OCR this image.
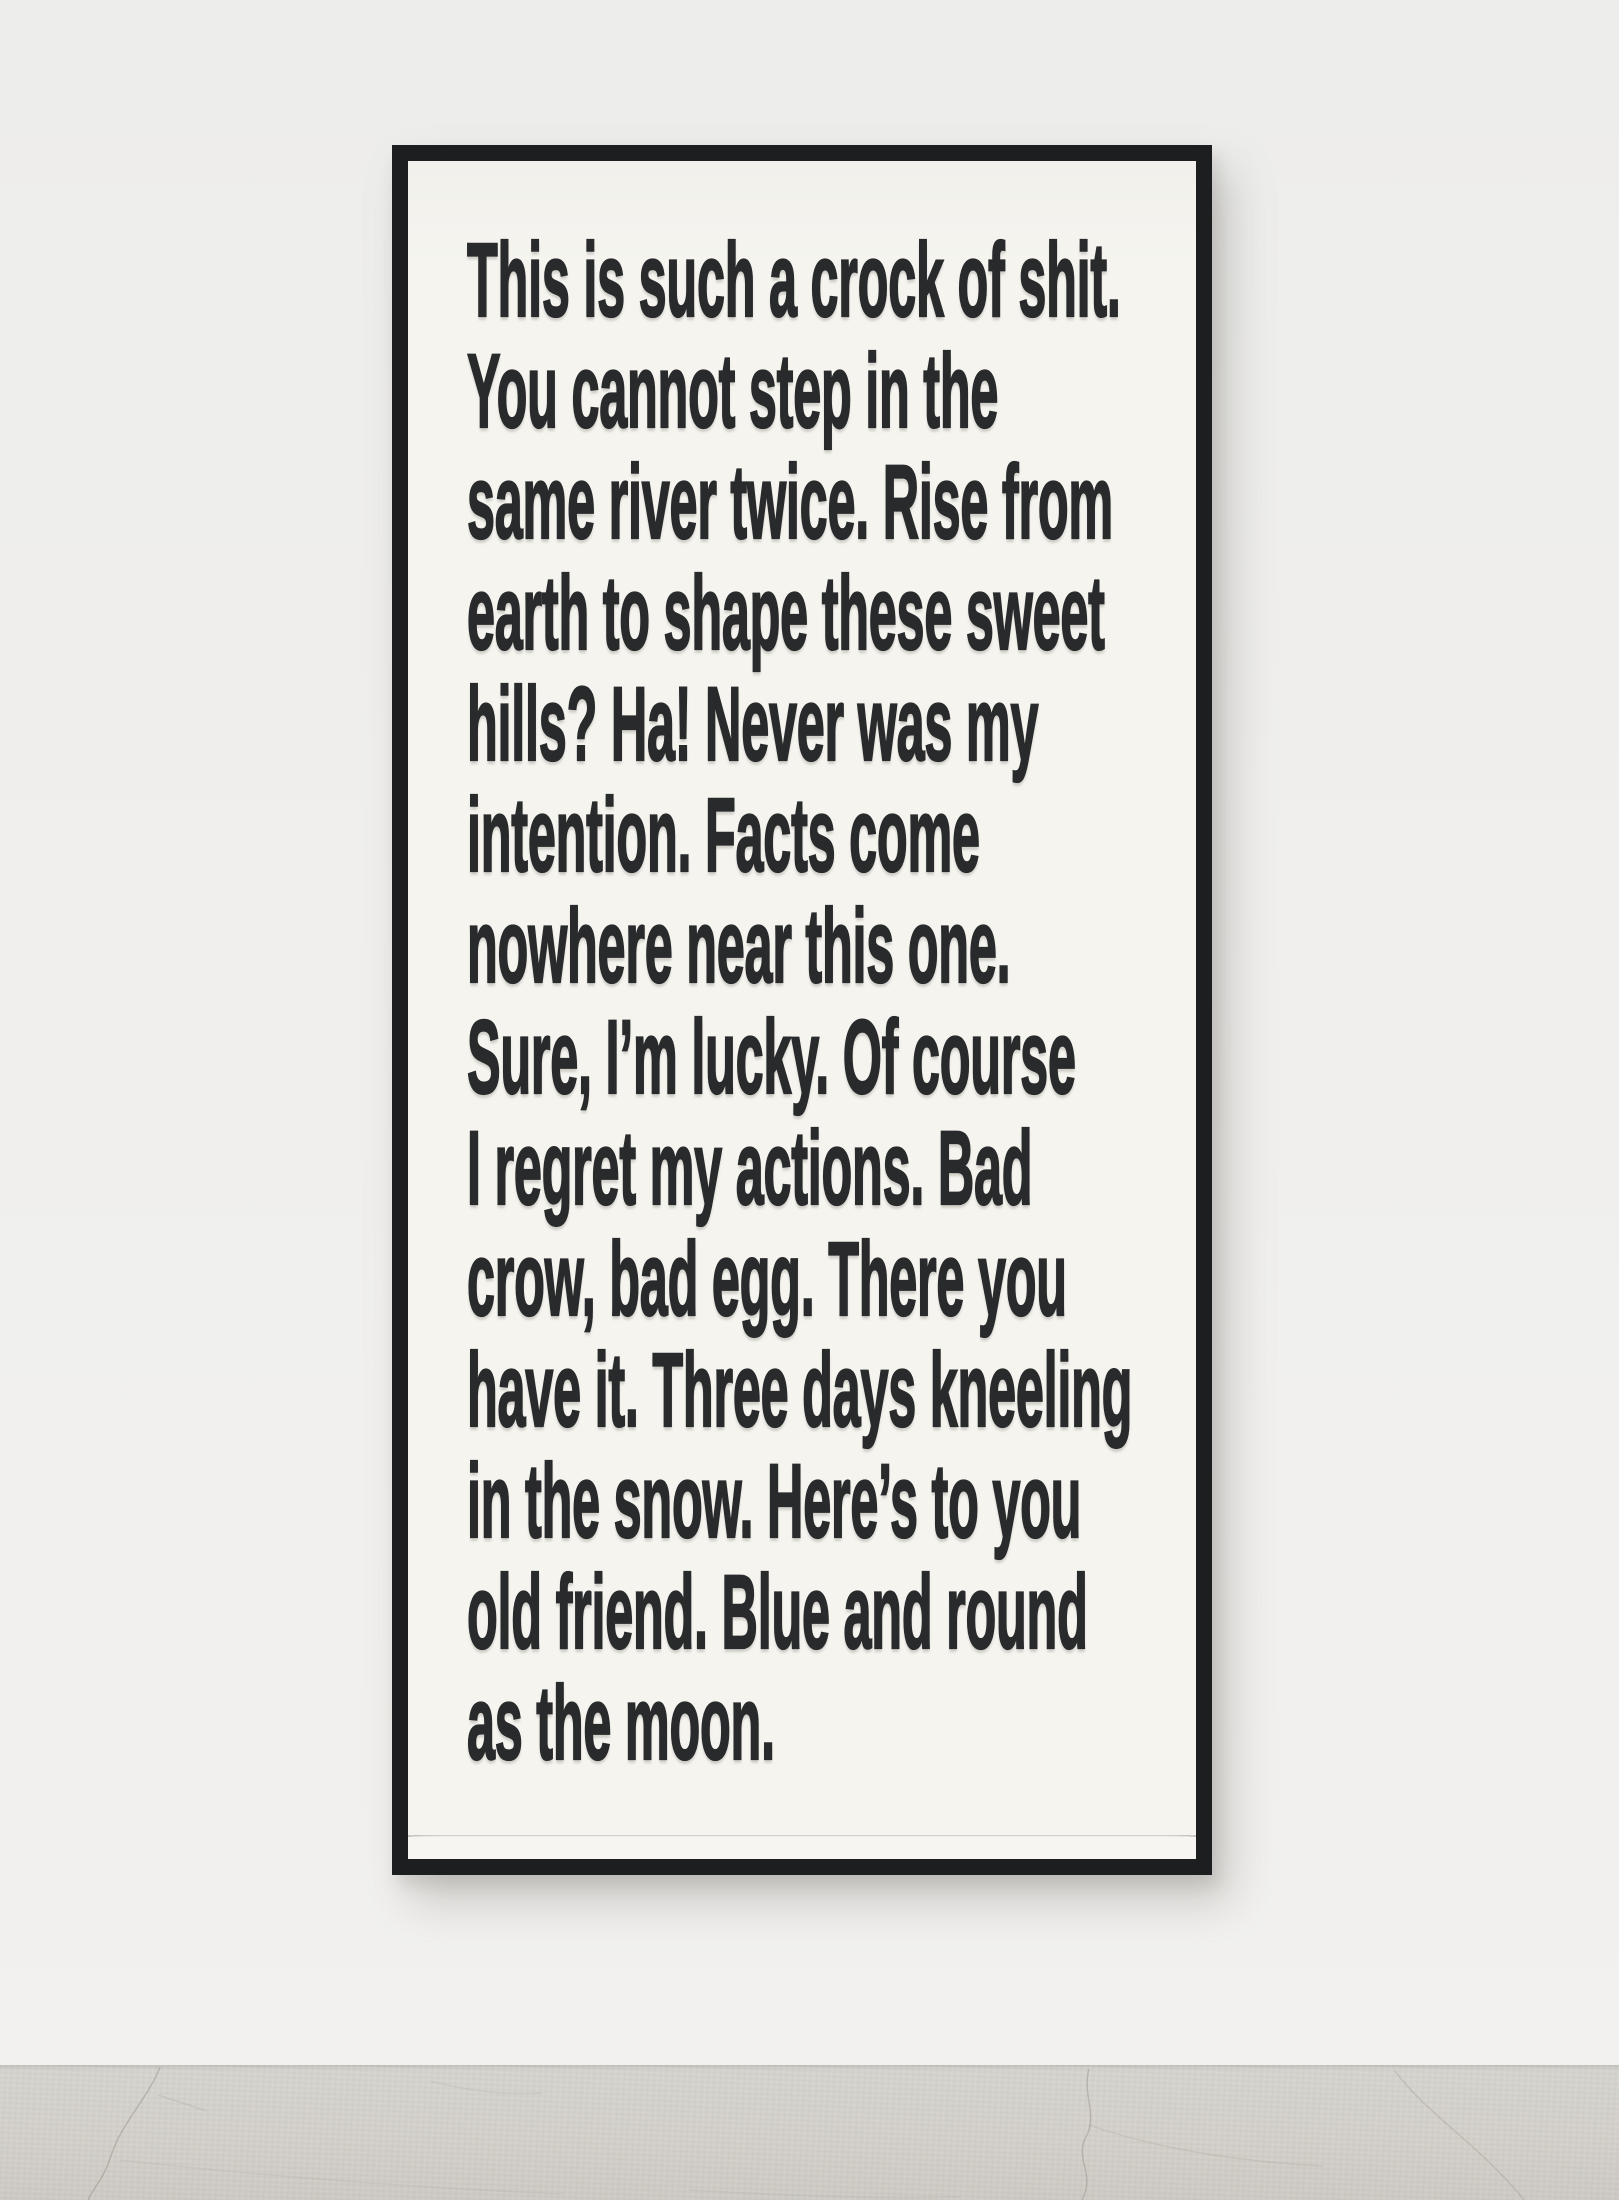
This is such a crock of shit.
You cannot step in the
same river twice. Rise from
earth to shape these sweet
hills? Ha! Never was my
intention. Facts come
nowhere near this one.
Sure, I’m lucky. Of course
I regret my actions. Bad
crow, bad egg. There you
have it. Three days kneeling
in the snow. Here’s to you
old friend. Blue and round
as the moon.
